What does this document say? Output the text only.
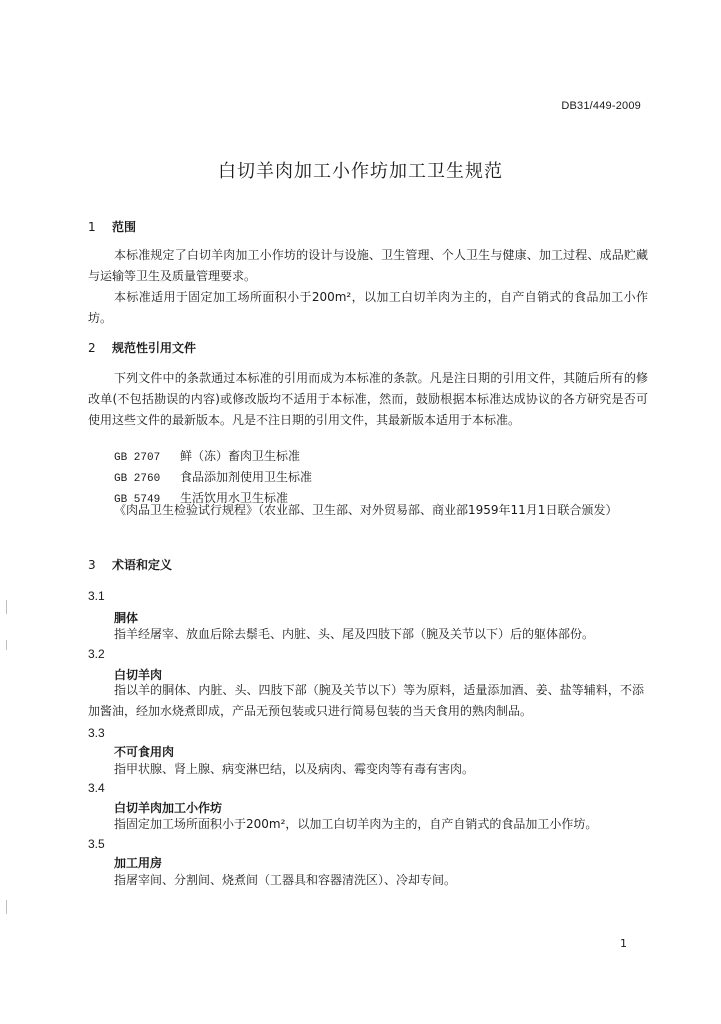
DB31/449-2009
白切羊肉加工小作坊加工卫生规范
1 范围
本标准规定了白切羊肉加工小作坊的设计与设施、卫生管理、个人卫生与健康、加工过程、成品贮藏与运输等卫生及质量管理要求。
本标准适用于固定加工场所面积小于200m²，以加工白切羊肉为主的，自产自销式的食品加工小作坊。
2 规范性引用文件
下列文件中的条款通过本标准的引用而成为本标准的条款。凡是注日期的引用文件，其随后所有的修改单(不包括勘误的内容)或修改版均不适用于本标准，然而，鼓励根据本标准达成协议的各方研究是否可使用这些文件的最新版本。凡是不注日期的引用文件，其最新版本适用于本标准。
GB 2707 鲜（冻）畜肉卫生标准
GB 2760 食品添加剂使用卫生标准
GB 5749 生活饮用水卫生标准
《肉品卫生检验试行规程》（农业部、卫生部、对外贸易部、商业部1959年11月1日联合颁发）
3 术语和定义
3.1
胴体
指羊经屠宰、放血后除去鬃毛、内脏、头、尾及四肢下部（腕及关节以下）后的躯体部份。
3.2
白切羊肉
指以羊的胴体、内脏、头、四肢下部（腕及关节以下）等为原料，适量添加酒、姜、盐等辅料，不添加酱油，经加水烧煮即成，产品无预包装或只进行简易包装的当天食用的熟肉制品。
3.3
不可食用肉
指甲状腺、肾上腺、病变淋巴结，以及病肉、霉变肉等有毒有害肉。
3.4
白切羊肉加工小作坊
指固定加工场所面积小于200m²，以加工白切羊肉为主的，自产自销式的食品加工小作坊。
3.5
加工用房
指屠宰间、分割间、烧煮间（工器具和容器清洗区）、冷却专间。
1
